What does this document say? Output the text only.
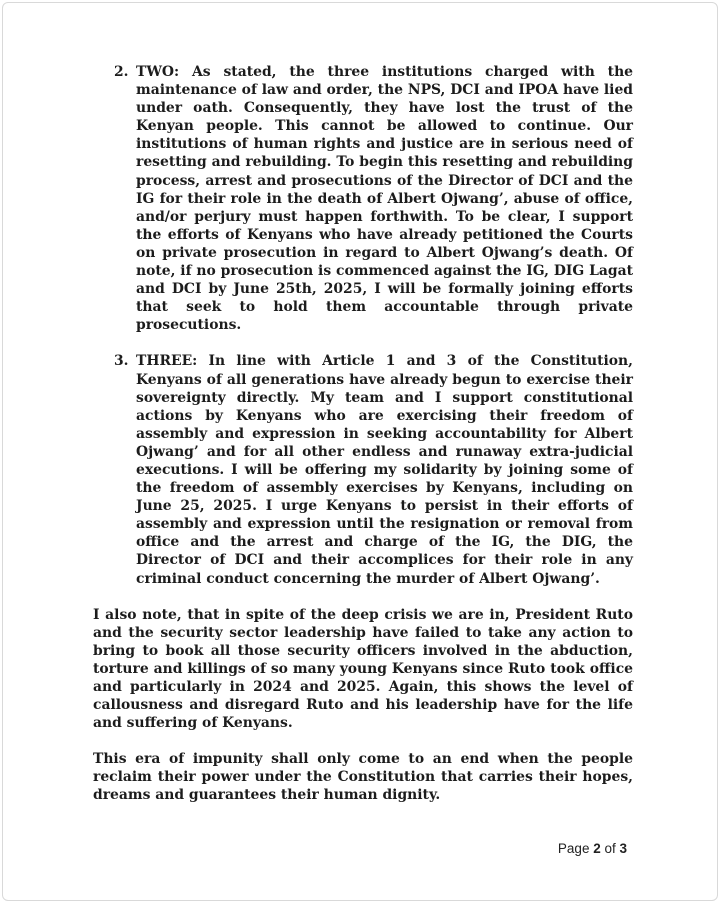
2. TWO: As stated, the three institutions charged with the maintenance of law and order, the NPS, DCI and IPOA have lied under oath. Consequently, they have lost the trust of the Kenyan people. This cannot be allowed to continue. Our institutions of human rights and justice are in serious need of resetting and rebuilding. To begin this resetting and rebuilding process, arrest and prosecutions of the Director of DCI and the IG for their role in the death of Albert Ojwang’, abuse of office, and/or perjury must happen forthwith. To be clear, I support the efforts of Kenyans who have already petitioned the Courts on private prosecution in regard to Albert Ojwang’s death. Of note, if no prosecution is commenced against the IG, DIG Lagat and DCI by June 25th, 2025, I will be formally joining efforts that seek to hold them accountable through private prosecutions.
3. THREE: In line with Article 1 and 3 of the Constitution, Kenyans of all generations have already begun to exercise their sovereignty directly. My team and I support constitutional actions by Kenyans who are exercising their freedom of assembly and expression in seeking accountability for Albert Ojwang’ and for all other endless and runaway extra-judicial executions. I will be offering my solidarity by joining some of the freedom of assembly exercises by Kenyans, including on June 25, 2025. I urge Kenyans to persist in their efforts of assembly and expression until the resignation or removal from office and the arrest and charge of the IG, the DIG, the Director of DCI and their accomplices for their role in any criminal conduct concerning the murder of Albert Ojwang’.

I also note, that in spite of the deep crisis we are in, President Ruto and the security sector leadership have failed to take any action to bring to book all those security officers involved in the abduction, torture and killings of so many young Kenyans since Ruto took office and particularly in 2024 and 2025. Again, this shows the level of callousness and disregard Ruto and his leadership have for the life and suffering of Kenyans.

This era of impunity shall only come to an end when the people reclaim their power under the Constitution that carries their hopes, dreams and guarantees their human dignity.

Page 2 of 3
